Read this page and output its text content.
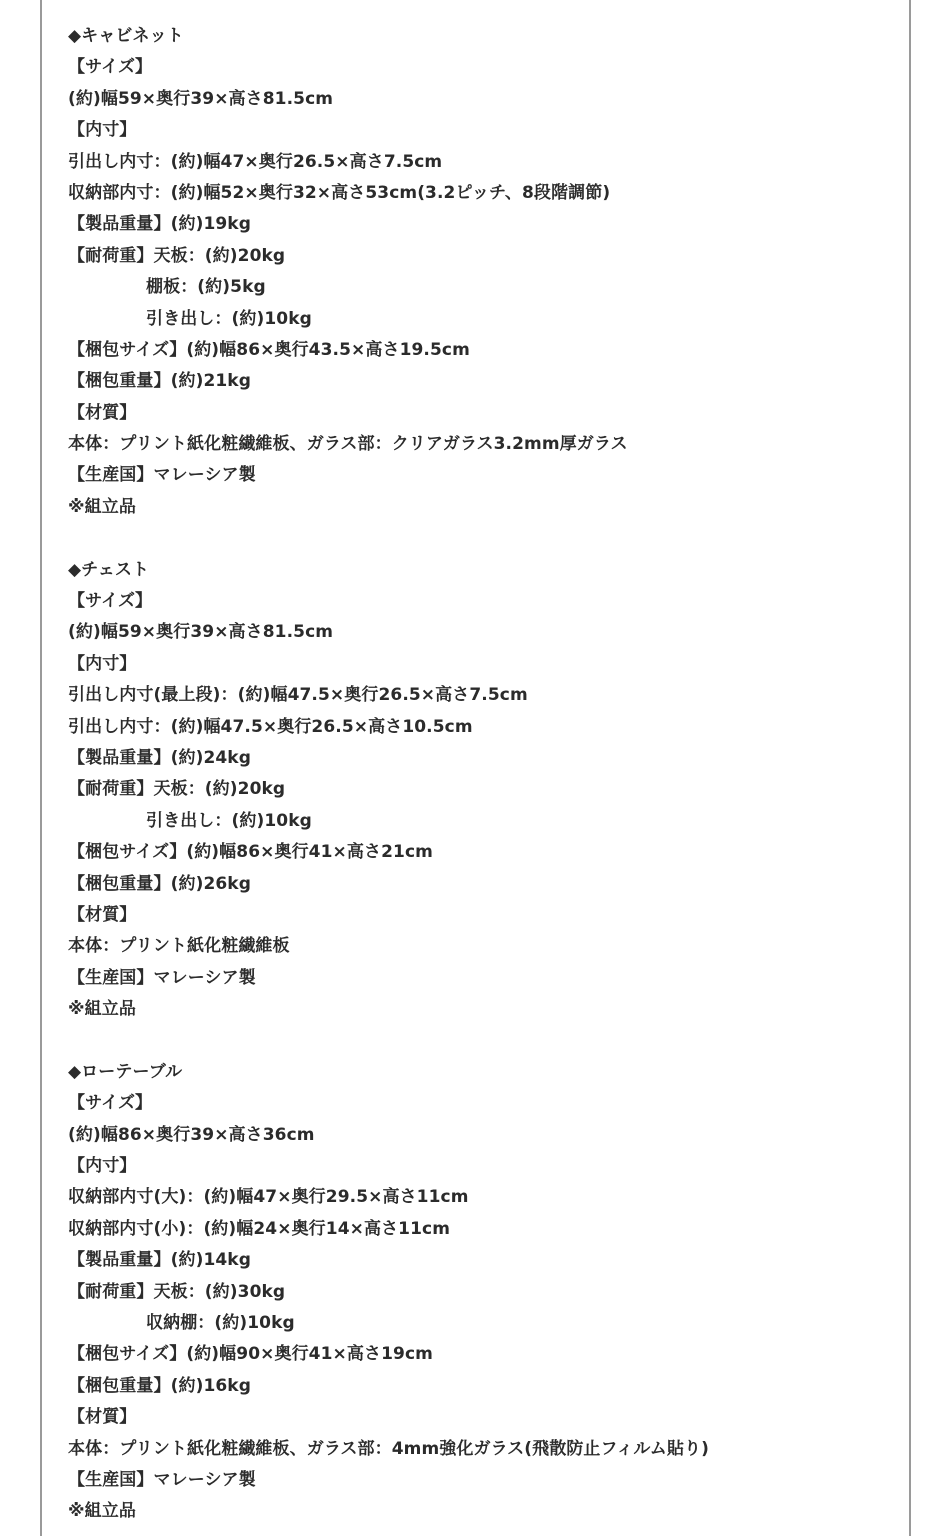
◆キャビネット
【サイズ】
(約)幅59×奥行39×高さ81.5cm
【内寸】
引出し内寸：(約)幅47×奥行26.5×高さ7.5cm
収納部内寸：(約)幅52×奥行32×高さ53cm(3.2ピッチ、8段階調節)
【製品重量】(約)19kg
【耐荷重】天板：(約)20kg
棚板：(約)5kg
引き出し：(約)10kg
【梱包サイズ】(約)幅86×奥行43.5×高さ19.5cm
【梱包重量】(約)21kg
【材質】
本体：プリント紙化粧繊維板、ガラス部：クリアガラス3.2mm厚ガラス
【生産国】マレーシア製
※組立品
◆チェスト
【サイズ】
(約)幅59×奥行39×高さ81.5cm
【内寸】
引出し内寸(最上段)：(約)幅47.5×奥行26.5×高さ7.5cm
引出し内寸：(約)幅47.5×奥行26.5×高さ10.5cm
【製品重量】(約)24kg
【耐荷重】天板：(約)20kg
引き出し：(約)10kg
【梱包サイズ】(約)幅86×奥行41×高さ21cm
【梱包重量】(約)26kg
【材質】
本体：プリント紙化粧繊維板
【生産国】マレーシア製
※組立品
◆ローテーブル
【サイズ】
(約)幅86×奥行39×高さ36cm
【内寸】
収納部内寸(大)：(約)幅47×奥行29.5×高さ11cm
収納部内寸(小)：(約)幅24×奥行14×高さ11cm
【製品重量】(約)14kg
【耐荷重】天板：(約)30kg
収納棚：(約)10kg
【梱包サイズ】(約)幅90×奥行41×高さ19cm
【梱包重量】(約)16kg
【材質】
本体：プリント紙化粧繊維板、ガラス部：4mm強化ガラス(飛散防止フィルム貼り)
【生産国】マレーシア製
※組立品
